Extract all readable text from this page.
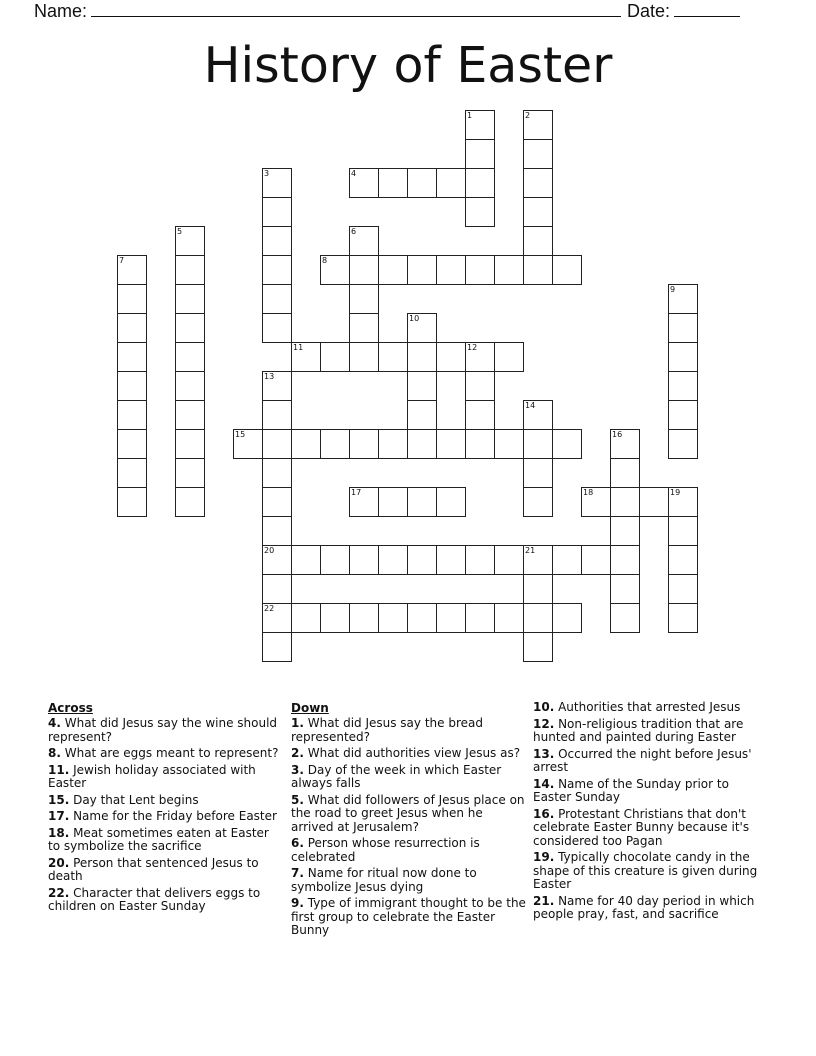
Name:	Date:
History of Easter
1	2
3	4
5	6
7	8
9
10
11	12
13
20
22
14
15	16
17	18	19
21
Across
4. What did Jesus say the wine should represent?
8. What are eggs meant to represent?
11. Jewish holiday associated with Easter
15. Day that Lent begins
17. Name for the Friday before Easter
18. Meat sometimes eaten at Easter to symbolize the sacrifice
20. Person that sentenced Jesus to death
22. Character that delivers eggs to children on Easter Sunday
Down
1. What did Jesus say the bread represented?
2. What did authorities view Jesus as?
3. Day of the week in which Easter always falls
5. What did followers of Jesus place on the road to greet Jesus when he arrived at Jerusalem?
6. Person whose resurrection is celebrated
7. Name for ritual now done to symbolize Jesus dying
9. Type of immigrant thought to be the first group to celebrate the Easter Bunny
10. Authorities that arrested Jesus
12. Non-religious tradition that are hunted and painted during Easter
13. Occurred the night before Jesus' arrest
14. Name of the Sunday prior to Easter Sunday
16. Protestant Christians that don't celebrate Easter Bunny because it's considered too Pagan
19. Typically chocolate candy in the shape of this creature is given during Easter
21. Name for 40 day period in which people pray, fast, and sacrifice
